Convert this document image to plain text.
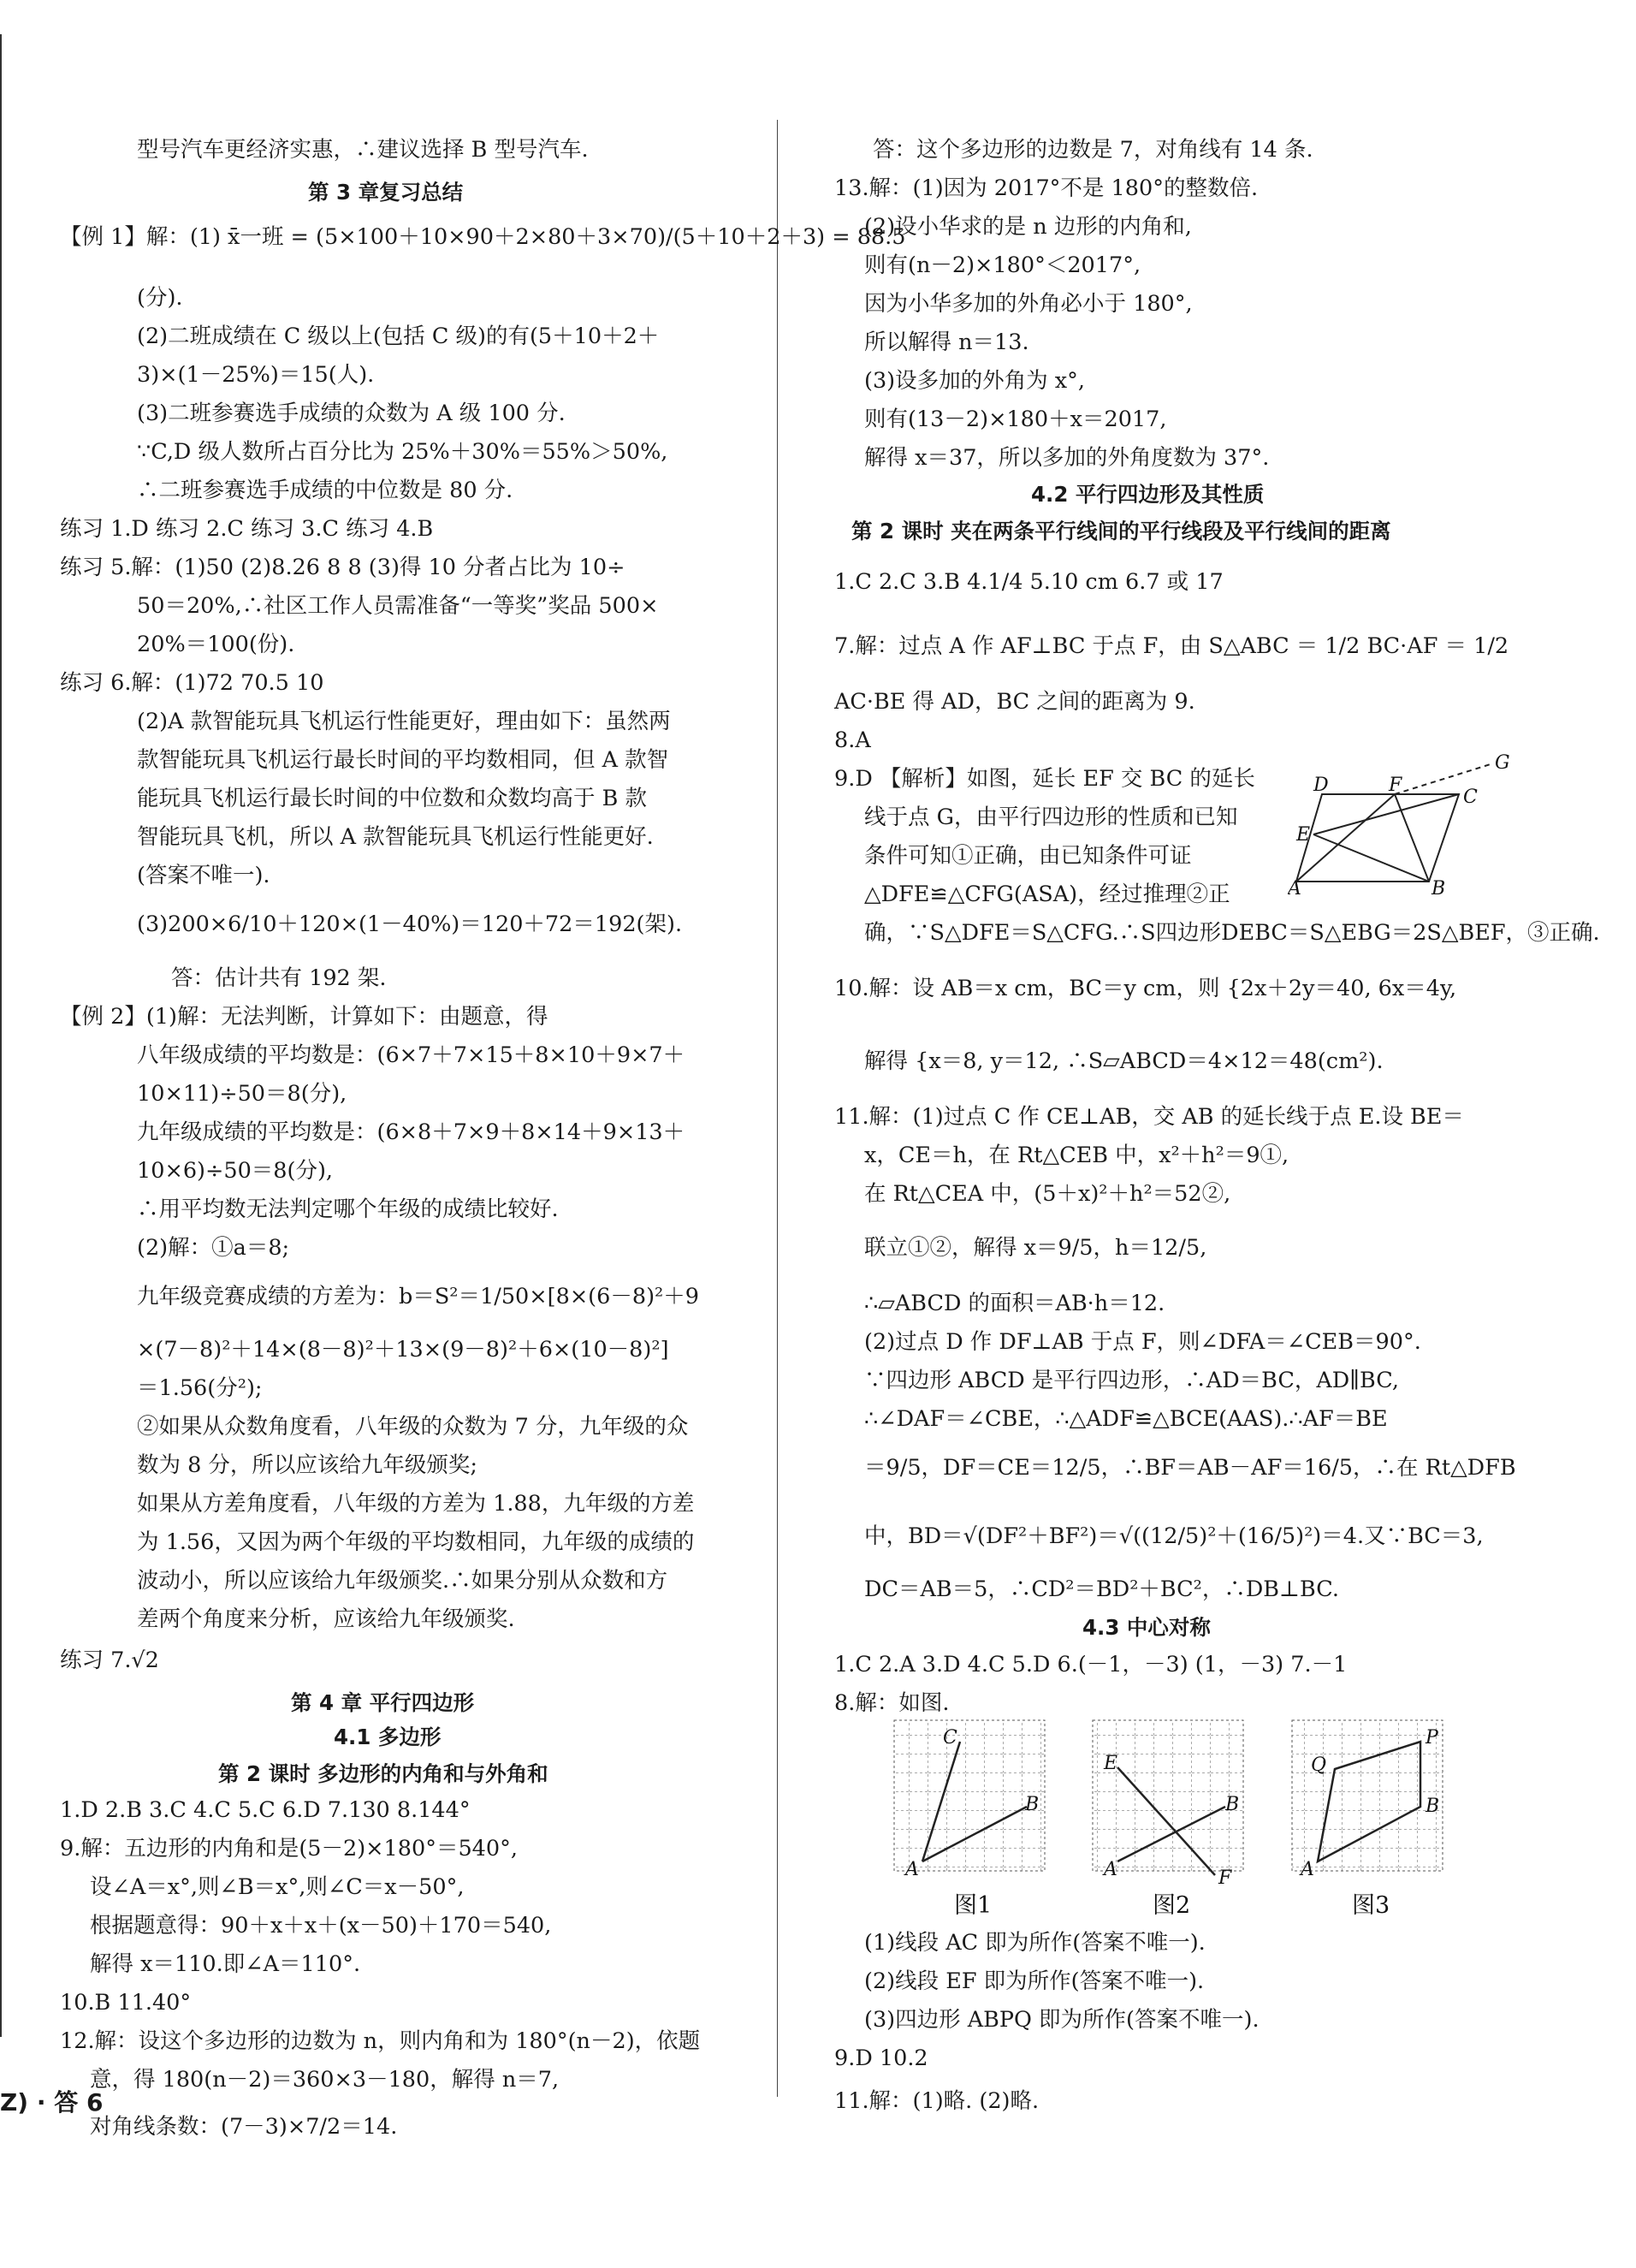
型号汽车更经济实惠，∴建议选择 B 型号汽车.
第 3 章复习总结
【例 1】解：(1) x̄一班 = (5×100＋10×90＋2×80＋3×70)/(5＋10＋2＋3) = 88.5
(分).
(2)二班成绩在 C 级以上(包括 C 级)的有(5＋10＋2＋
3)×(1－25%)＝15(人).
(3)二班参赛选手成绩的众数为 A 级 100 分.
∵C,D 级人数所占百分比为 25%＋30%＝55%＞50%,
∴二班参赛选手成绩的中位数是 80 分.
练习 1.D 练习 2.C 练习 3.C 练习 4.B
练习 5.解：(1)50 (2)8.26 8 8 (3)得 10 分者占比为 10÷
50＝20%,∴社区工作人员需准备“一等奖”奖品 500×
20%＝100(份).
练习 6.解：(1)72 70.5 10
(2)A 款智能玩具飞机运行性能更好，理由如下：虽然两
款智能玩具飞机运行最长时间的平均数相同，但 A 款智
能玩具飞机运行最长时间的中位数和众数均高于 B 款
智能玩具飞机，所以 A 款智能玩具飞机运行性能更好.
(答案不唯一).
(3)200×6/10＋120×(1－40%)＝120＋72＝192(架).
答：估计共有 192 架.
【例 2】(1)解：无法判断，计算如下：由题意，得
八年级成绩的平均数是：(6×7＋7×15＋8×10＋9×7＋
10×11)÷50＝8(分),
九年级成绩的平均数是：(6×8＋7×9＋8×14＋9×13＋
10×6)÷50＝8(分),
∴用平均数无法判定哪个年级的成绩比较好.
(2)解：①a＝8;
九年级竞赛成绩的方差为：b＝S²＝1/50×[8×(6－8)²＋9
×(7－8)²＋14×(8－8)²＋13×(9－8)²＋6×(10－8)²]
＝1.56(分²);
②如果从众数角度看，八年级的众数为 7 分，九年级的众
数为 8 分，所以应该给九年级颁奖;
如果从方差角度看，八年级的方差为 1.88，九年级的方差
为 1.56，又因为两个年级的平均数相同，九年级的成绩的
波动小，所以应该给九年级颁奖.∴如果分别从众数和方
差两个角度来分析，应该给九年级颁奖.
练习 7.√2
第 4 章 平行四边形
4.1 多边形
第 2 课时 多边形的内角和与外角和
1.D 2.B 3.C 4.C 5.C 6.D 7.130 8.144°
9.解：五边形的内角和是(5－2)×180°＝540°,
设∠A＝x°,则∠B＝x°,则∠C＝x－50°,
根据题意得：90＋x＋x＋(x－50)＋170＝540,
解得 x＝110.即∠A＝110°.
10.B 11.40°
12.解：设这个多边形的边数为 n，则内角和为 180°(n－2)，依题
意，得 180(n－2)＝360×3－180，解得 n＝7,
对角线条数：(7－3)×7/2＝14.
答：这个多边形的边数是 7，对角线有 14 条.
13.解：(1)因为 2017°不是 180°的整数倍.
(2)设小华求的是 n 边形的内角和,
则有(n－2)×180°＜2017°,
因为小华多加的外角必小于 180°,
所以解得 n＝13.
(3)设多加的外角为 x°,
则有(13－2)×180＋x＝2017,
解得 x＝37，所以多加的外角度数为 37°.
4.2 平行四边形及其性质
第 2 课时 夹在两条平行线间的平行线段及平行线间的距离
1.C 2.C 3.B 4.1/4 5.10 cm 6.7 或 17
7.解：过点 A 作 AF⊥BC 于点 F，由 S△ABC ＝ 1/2 BC·AF ＝ 1/2
AC·BE 得 AD，BC 之间的距离为 9.
8.A
9.D 【解析】如图，延长 EF 交 BC 的延长
线于点 G，由平行四边形的性质和已知
条件可知①正确，由已知条件可证
△DFE≌△CFG(ASA)，经过推理②正
确，∵S△DFE＝S△CFG.∴S四边形DEBC＝S△EBG＝2S△BEF，③正确.
10.解：设 AB＝x cm，BC＝y cm，则 {2x＋2y＝40, 6x＝4y,
解得 {x＝8, y＝12, ∴S▱ABCD＝4×12＝48(cm²).
11.解：(1)过点 C 作 CE⊥AB，交 AB 的延长线于点 E.设 BE＝
x，CE＝h，在 Rt△CEB 中，x²＋h²＝9①,
在 Rt△CEA 中，(5＋x)²＋h²＝52②,
联立①②，解得 x＝9/5，h＝12/5,
∴▱ABCD 的面积＝AB·h＝12.
(2)过点 D 作 DF⊥AB 于点 F，则∠DFA＝∠CEB＝90°.
∵四边形 ABCD 是平行四边形，∴AD＝BC，AD∥BC,
∴∠DAF＝∠CBE，∴△ADF≌△BCE(AAS).∴AF＝BE
＝9/5，DF＝CE＝12/5，∴BF＝AB－AF＝16/5，∴在 Rt△DFB
中，BD＝√(DF²＋BF²)＝√((12/5)²＋(16/5)²)＝4.又∵BC＝3,
DC＝AB＝5，∴CD²＝BD²＋BC²，∴DB⊥BC.
4.3 中心对称
1.C 2.A 3.D 4.C 5.D 6.(－1，－3) (1，－3) 7.－1
8.解：如图.
(1)线段 AC 即为所作(答案不唯一).
(2)线段 EF 即为所作(答案不唯一).
(3)四边形 ABPQ 即为所作(答案不唯一).
9.D 10.2
11.解：(1)略. (2)略.
G
D	F
C
E
A	B
C
B
A
E
B
A	F
P
Q
B
A
图1	图2	图3
Z) · 答 6
